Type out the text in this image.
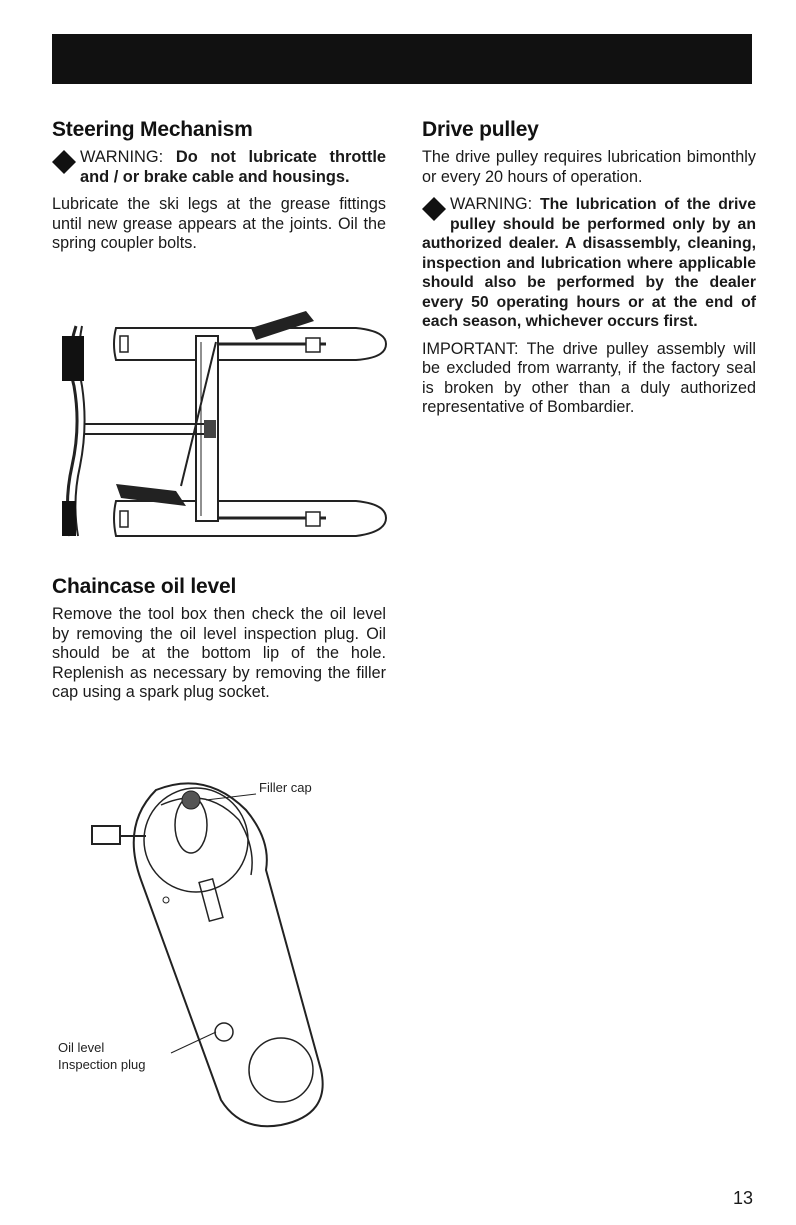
Steering Mechanism

WARNING: Do not lubricate throttle and / or brake cable and housings.

Lubricate the ski legs at the grease fittings until new grease appears at the joints. Oil the spring coupler bolts.

Drive pulley

The drive pulley requires lubrication bimonthly or every 20 hours of operation.

WARNING: The lubrication of the drive pulley should be performed only by an authorized dealer. A disassembly, cleaning, inspection and lubrication where applicable should also be performed by the dealer every 50 operating hours or at the end of each season, whichever occurs first.

IMPORTANT: The drive pulley assembly will be excluded from warranty, if the factory seal is broken by other than a duly authorized representative of Bombardier.

Chaincase oil level

Remove the tool box then check the oil level by removing the oil level inspection plug. Oil should be at the bottom lip of the hole. Replenish as necessary by removing the filler cap using a spark plug socket.

Filler cap
Oil level
Inspection plug
13
